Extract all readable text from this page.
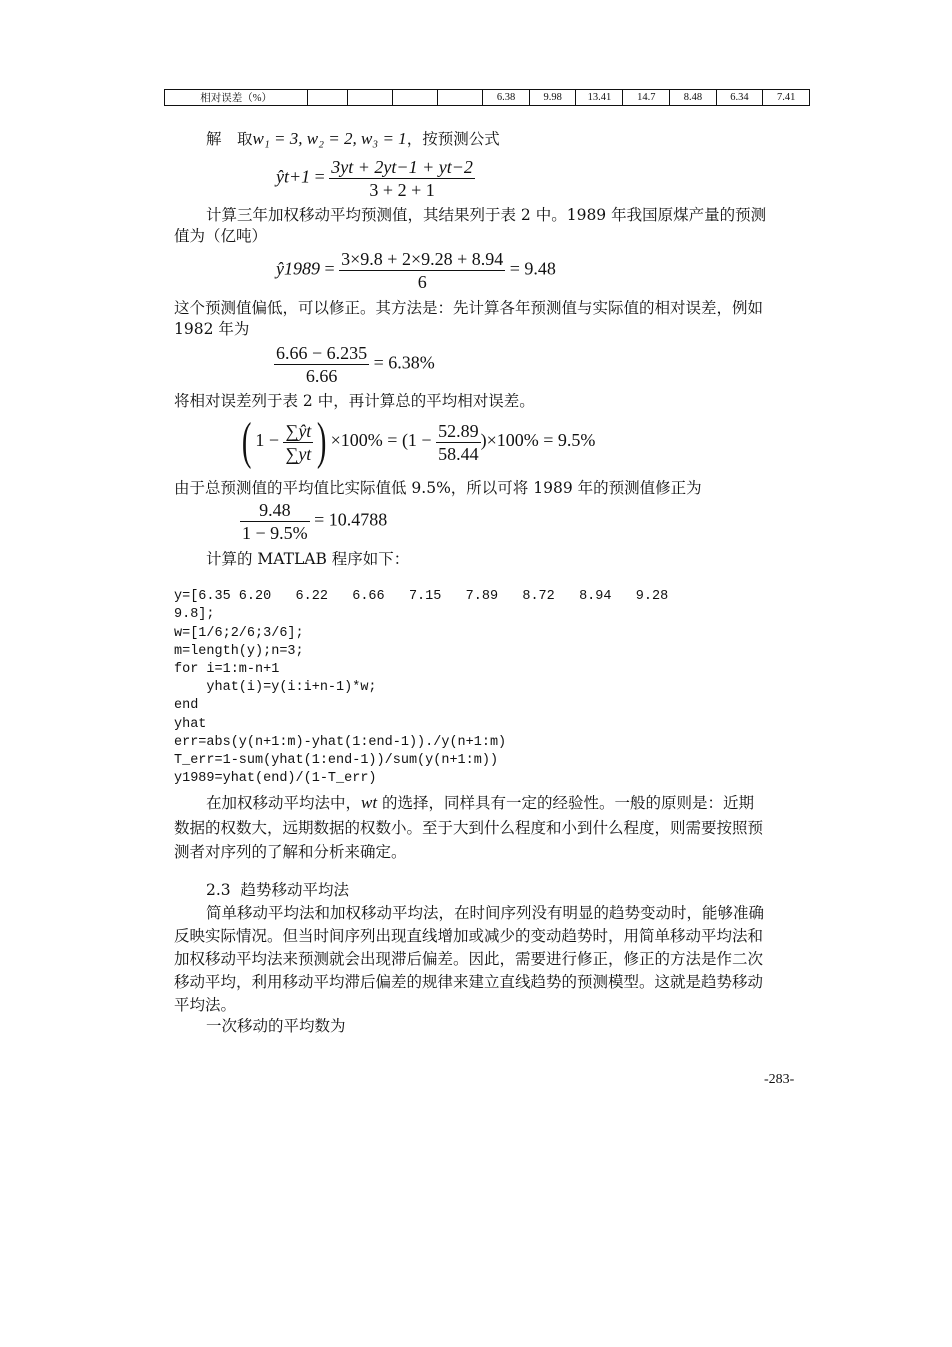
相对误差（%）					6.38	9.98	13.41	14.7	8.48	6.34	7.41
解　取w₁ = 3, w₂ = 2, w₃ = 1，按预测公式
ŷt+1 = $\frac{3yt + 2yt-1 + yt-2}{3 + 2 + 1}$
计算三年加权移动平均预测值，其结果列于表 2 中。1989 年我国原煤产量的预测
值为（亿吨）
ŷ1989 = $\frac{3\times 9.8 + 2\times 9.28 + 8.94}{6} = 9.48$
这个预测值偏低，可以修正。其方法是：先计算各年预测值与实际值的相对误差，例如
1982 年为
$\frac{6.66 - 6.235}{6.66} = 6.38\%$
将相对误差列于表 2 中，再计算总的平均相对误差。
( $1 - \frac{\sum ŷt}{\sum yt}$ ) $\times 100\% = (1 - \frac{52.89}{58.44} )\times 100\% = 9.5\%$
由于总预测值的平均值比实际值低 9.5%，所以可将 1989 年的预测值修正为
$\frac{9.48}{1 - 9.5\%} = 10.4788$
计算的 MATLAB 程序如下：

y=[6.35 6.20   6.22   6.66   7.15   7.89   8.72   8.94   9.28
9.8];
w=[1/6;2/6;3/6];
m=length(y);n=3;
for i=1:m-n+1
yhat(i)=y(i:i+n-1)*w;
end
yhat
err=abs(y(n+1:m)-yhat(1:end-1))./y(n+1:m)
T_err=1-sum(yhat(1:end-1))/sum(y(n+1:m))
y1989=yhat(end)/(1-T_err)

在加权移动平均法中，wt 的选择，同样具有一定的经验性。一般的原则是：近期
数据的权数大，远期数据的权数小。至于大到什么程度和小到什么程度，则需要按照预
测者对序列的了解和分析来确定。
2.3 趋势移动平均法
简单移动平均法和加权移动平均法，在时间序列没有明显的趋势变动时，能够准确
反映实际情况。但当时间序列出现直线增加或减少的变动趋势时，用简单移动平均法和
加权移动平均法来预测就会出现滞后偏差。因此，需要进行修正，修正的方法是作二次
移动平均，利用移动平均滞后偏差的规律来建立直线趋势的预测模型。这就是趋势移动
平均法。
一次移动的平均数为
-283-
